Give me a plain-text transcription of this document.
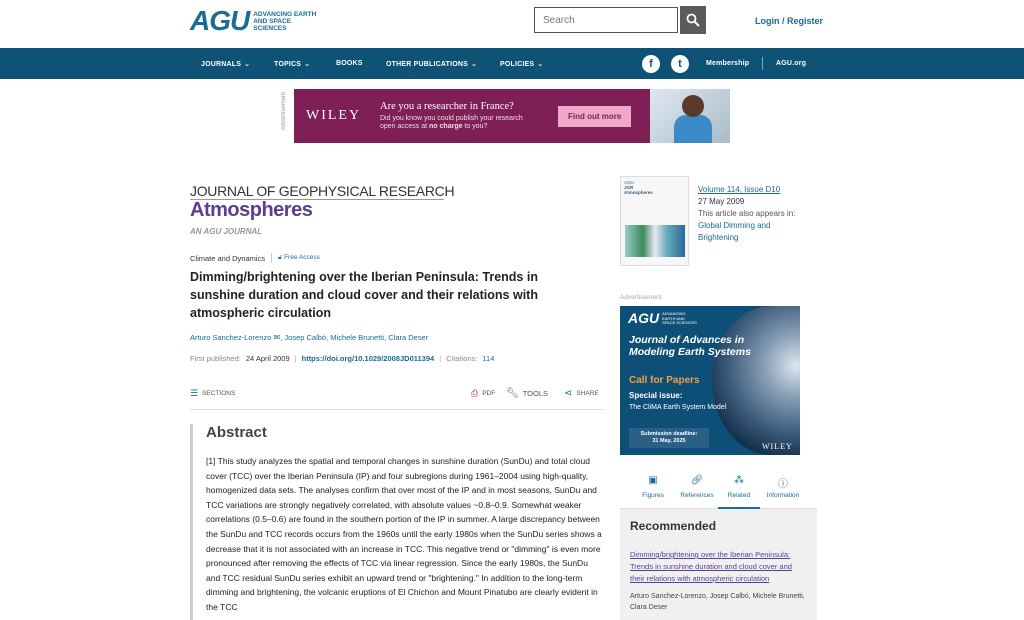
AGU ADVANCING EARTH AND SPACE SCIENCES
Search
Login / Register
JOURNALS ⌄	TOPICS ⌄	BOOKS	OTHER PUBLICATIONS ⌄	POLICIES ⌄	f	t	Membership	AGU.org
Advertisement	WILEY
Are you a researcher in France?
Did you know you could publish your research
open access at no charge to you?
Find out more
JOURNAL OF GEOPHYSICAL RESEARCH
Atmospheres
AN AGU JOURNAL
Climate and Dynamics 🔓︎ Free Access
Dimming/brightening over the Iberian Peninsula: Trends in sunshine duration and cloud cover and their relations with atmospheric circulation
Arturo Sanchez-Lorenzo ✉︎, Josep Calbó, Michele Brunetti, Clara Deser
First published: 24 April 2009 | https://doi.org/10.1029/2008JD011394 | Citations: 114
☰ SECTIONS	⎙ PDF 🔧︎ TOOLS ⋖ SHARE
Abstract

[1] This study analyzes the spatial and temporal changes in sunshine duration (SunDu) and total cloud cover (TCC) over the Iberian Peninsula (IP) and four subregions during 1961–2004 using high-quality, homogenized data sets. The analyses confirm that over most of the IP and in most seasons, SunDu and TCC variations are strongly negatively correlated, with absolute values ~0.8–0.9. Somewhat weaker correlations (0.5–0.6) are found in the southern portion of the IP in summer. A large discrepancy between the SunDu and TCC records occurs from the 1960s until the early 1980s when the SunDu series shows a decrease that it is not associated with an increase in TCC. This negative trend or "dimming" is even more pronounced after removing the effects of TCC via linear regression. Since the early 1980s, the SunDu and TCC residual SunDu series exhibit an upward trend or "brightening." In addition to the long-term dimming and brightening, the volcanic eruptions of El Chichon and Mount Pinatubo are clearly evident in the TCC

AGU
JGR
Atmospheres	Volume 114, Issue D10
27 May 2009
This article also appears in:
Global Dimming and Brightening
Advertisement
AGU ADVANCING EARTH AND SPACE SCIENCES
Journal of Advances in Modeling Earth Systems
Call for Papers
Special issue:
The CliMA Earth System Model
Submission deadline:
31 May, 2025
WILEY
▣
Figures
🔗︎
References
⁂
Related
ⓘ
Information
Recommended
Dimming/brightening over the Iberian Peninsula: Trends in sunshine duration and cloud cover and their relations with atmospheric circulation
Arturo Sanchez-Lorenzo, Josep Calbó, Michele Brunetti, Clara Deser
